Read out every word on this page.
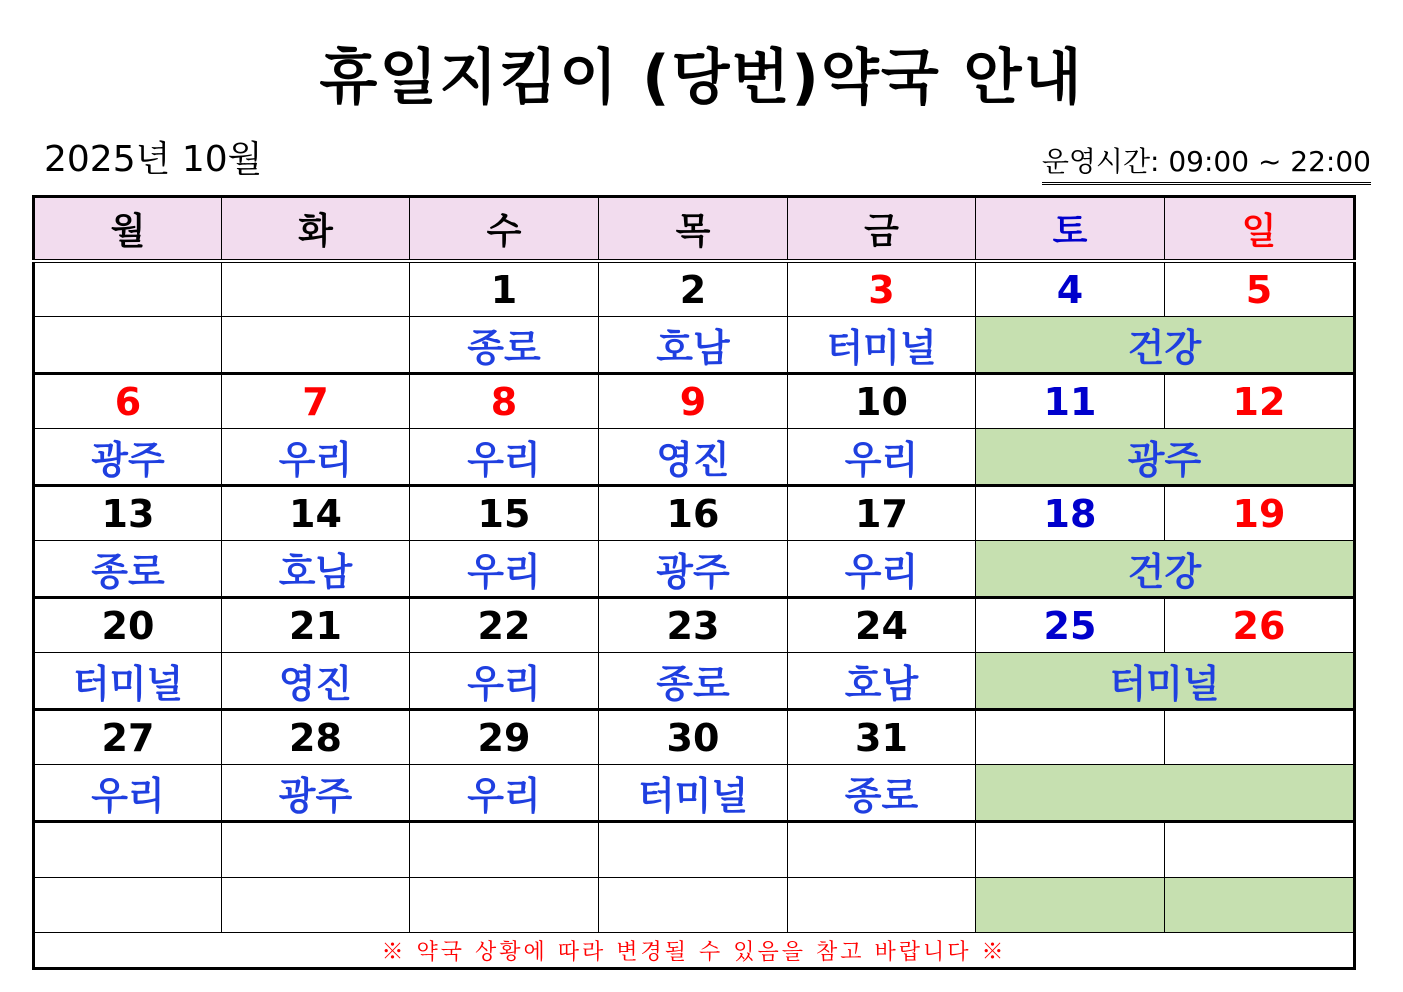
휴일지킴이 (당번)약국 안내
2025년 10월	운영시간: 09:00 ~ 22:00
월	화	수	목	금	토	일
		1	2	3	4	5
		종로	호남	터미널	건강	
6	7	8	9	10	11	12
광주	우리	우리	영진	우리	광주	
13	14	15	16	17	18	19
종로	호남	우리	광주	우리	건강	
20	21	22	23	24	25	26
터미널	영진	우리	종로	호남	터미널	
27	28	29	30	31		
우리	광주	우리	터미널	종로		

※ 약국 상황에 따라 변경될 수 있음을 참고 바랍니다 ※						
